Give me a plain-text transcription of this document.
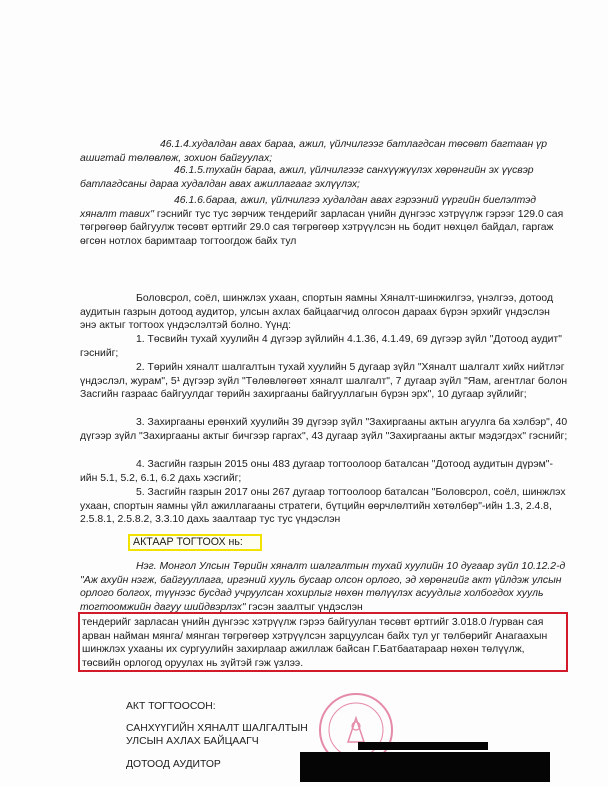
46.1.4.худалдан авах бараа, ажил, үйлчилгээг батлагдсан төсөвт багтаан үр ашигтай төлөвлөж, зохион байгуулах;

46.1.5.тухайн бараа, ажил, үйлчилгээг санхүүжүүлэх хөрөнгийн эх үүсвэр батлагдсаны дараа худалдан авах ажиллагааг эхлүүлэх;

46.1.6.бараа, ажил, үйлчилгээ худалдан авах гэрээний үүргийн биелэлтэд хяналт тавих" гэснийг тус тус зөрчиж тендерийг зарласан үнийн дүнгээс хэтрүүлж гэрээг 129.0 сая төгрөгөөр байгуулж төсөвт өртгийг 29.0 сая төгрөгөөр хэтрүүлсэн нь бодит нөхцөл байдал, гаргаж өгсөн нотлох баримтаар тогтоогдож байх тул

Боловсрол, соёл, шинжлэх ухаан, спортын яамны Хяналт-шинжилгээ, үнэлгээ, дотоод аудитын газрын дотоод аудитор, улсын ахлах байцаагчид олгосон дараах бүрэн эрхийг үндэслэн энэ актыг тогтоох үндэслэлтэй болно. Үүнд:

1. Төсвийн тухай хуулийн 4 дүгээр зүйлийн 4.1.36, 4.1.49, 69 дүгээр зүйл "Дотоод аудит" гэснийг;

2. Төрийн хяналт шалгалтын тухай хуулийн 5 дугаар зүйл "Хяналт шалгалт хийх нийтлэг үндэслэл, журам", 5¹ дүгээр зүйл "Төлөвлөгөөт хяналт шалгалт", 7 дугаар зүйл "Яам, агентлаг болон Засгийн газраас байгуулдаг төрийн захиргааны байгууллагын бүрэн эрх", 10 дугаар зүйлийг;

3. Захиргааны ерөнхий хуулийн 39 дүгээр зүйл "Захиргааны актын агуулга ба хэлбэр", 40 дүгээр зүйл "Захиргааны актыг бичгээр гаргах", 43 дугаар зүйл "Захиргааны актыг мэдэгдэх" гэснийг;

4. Засгийн газрын 2015 оны 483 дугаар тогтоолоор баталсан "Дотоод аудитын дүрэм"-ийн 5.1, 5.2, 6.1, 6.2 дахь хэсгийг;

5. Засгийн газрын 2017 оны 267 дугаар тогтоолоор баталсан "Боловсрол, соёл, шинжлэх ухаан, спортын яамны үйл ажиллагааны стратеги, бүтцийн өөрчлөлтийн хөтөлбөр"-ийн 1.3, 2.4.8, 2.5.8.1, 2.5.8.2, 3.3.10 дахь заалтаар тус тус үндэслэн

АКТААР ТОГТООХ нь:

Нэг. Монгол Улсын Төрийн хяналт шалгалтын тухай хуулийн 10 дугаар зүйл 10.12.2-д "Аж ахуйн нэгж, байгууллага, иргэний хууль бусаар олсон орлого, эд хөрөнгийг акт үйлдэж улсын орлого болгох, түүнээс бусдад учруулсан хохирлыг нөхөн төлүүлэх асуудлыг холбогдох хууль тогтоомжийн дагуу шийдвэрлэх" гэсэн заалтыг үндэслэн

тендерийг зарласан үнийн дүнгээс хэтрүүлж гэрээ байгуулан төсөвт өртгийг 3.018.0 /гурван сая арван найман мянга/ мянган төгрөгөөр хэтрүүлсэн зарцуулсан байх тул уг төлбөрийг Анагаахын шинжлэх ухааны их сургуулийн захирлаар ажиллаж байсан Г.Батбаатараар нөхөн төлүүлж, төсвийн орлогод оруулах нь зүйтэй гэж үзлээ.

АКТ ТОГТООСОН:
САНХҮҮГИЙН ХЯНАЛТ ШАЛГАЛТЫН
УЛСЫН АХЛАХ БАЙЦААГЧ
ДОТООД АУДИТОР
